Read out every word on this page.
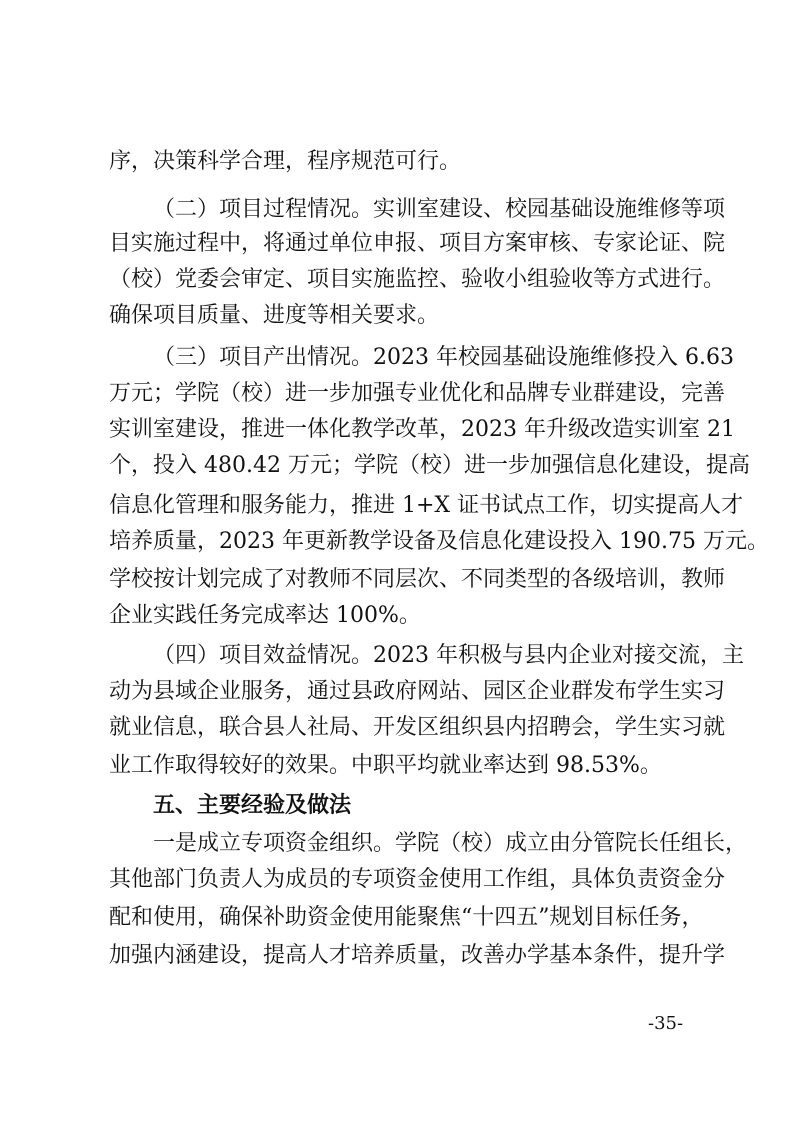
序，决策科学合理，程序规范可行。
（二）项目过程情况。实训室建设、校园基础设施维修等项
目实施过程中，将通过单位申报、项目方案审核、专家论证、院
（校）党委会审定、项目实施监控、验收小组验收等方式进行。
确保项目质量、进度等相关要求。
（三）项目产出情况。2023 年校园基础设施维修投入 6.63
万元；学院（校）进一步加强专业优化和品牌专业群建设，完善
实训室建设，推进一体化教学改革，2023 年升级改造实训室 21
个，投入 480.42 万元；学院（校）进一步加强信息化建设，提高
信息化管理和服务能力，推进 1+X 证书试点工作，切实提高人才
培养质量，2023 年更新教学设备及信息化建设投入 190.75 万元。
学校按计划完成了对教师不同层次、不同类型的各级培训，教师
企业实践任务完成率达 100%。
（四）项目效益情况。2023 年积极与县内企业对接交流，主
动为县域企业服务，通过县政府网站、园区企业群发布学生实习
就业信息，联合县人社局、开发区组织县内招聘会，学生实习就
业工作取得较好的效果。中职平均就业率达到 98.53%。
五、主要经验及做法
一是成立专项资金组织。学院（校）成立由分管院长任组长，
其他部门负责人为成员的专项资金使用工作组，具体负责资金分
配和使用，确保补助资金使用能聚焦“十四五”规划目标任务，
加强内涵建设，提高人才培养质量，改善办学基本条件，提升学
-35-
